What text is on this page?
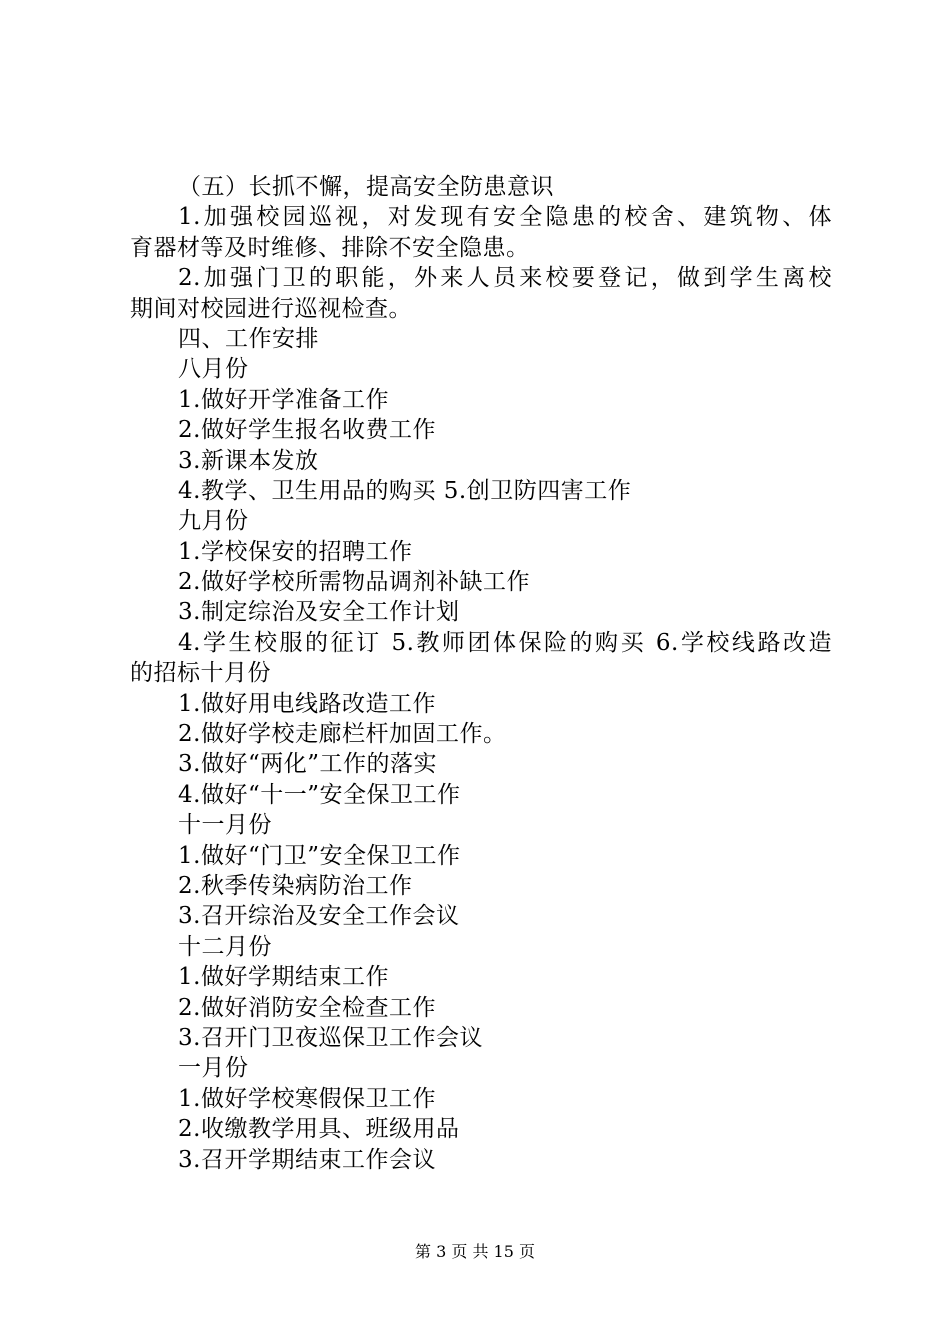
（五）长抓不懈，提高安全防患意识
1.加强校园巡视，对发现有安全隐患的校舍、建筑物、体
育器材等及时维修、排除不安全隐患。
2.加强门卫的职能，外来人员来校要登记，做到学生离校
期间对校园进行巡视检查。
四、工作安排
八月份
1.做好开学准备工作
2.做好学生报名收费工作
3.新课本发放
4.教学、卫生用品的购买 5.创卫防四害工作
九月份
1.学校保安的招聘工作
2.做好学校所需物品调剂补缺工作
3.制定综治及安全工作计划
4.学生校服的征订 5.教师团体保险的购买 6.学校线路改造
的招标十月份
1.做好用电线路改造工作
2.做好学校走廊栏杆加固工作。
3.做好“两化”工作的落实
4.做好“十一”安全保卫工作
十一月份
1.做好“门卫”安全保卫工作
2.秋季传染病防治工作
3.召开综治及安全工作会议
十二月份
1.做好学期结束工作
2.做好消防安全检查工作
3.召开门卫夜巡保卫工作会议
一月份
1.做好学校寒假保卫工作
2.收缴教学用具、班级用品
3.召开学期结束工作会议
第 3 页 共 15 页
